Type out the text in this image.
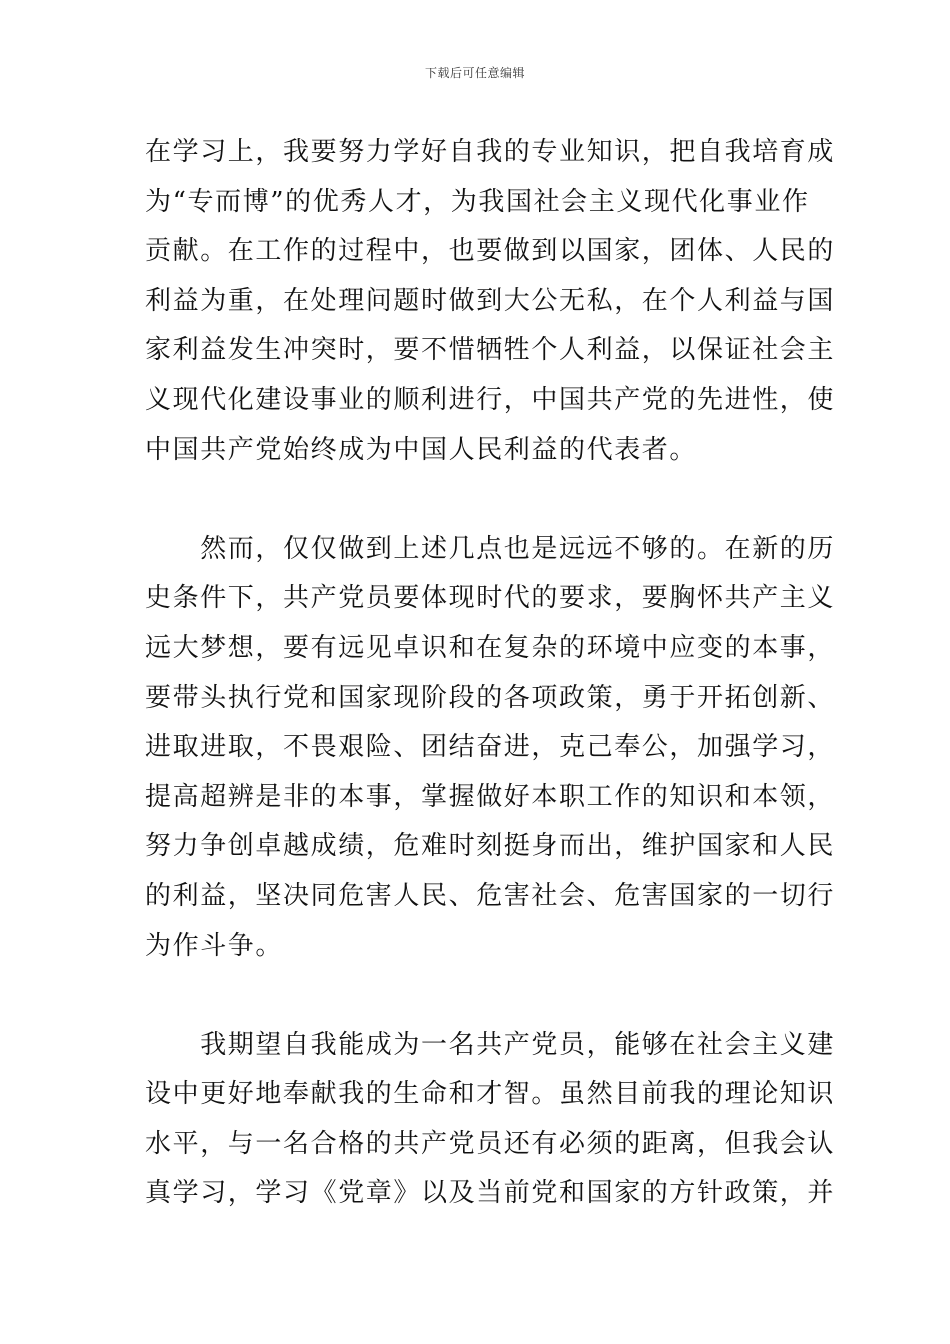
下载后可任意编辑
在学习上，我要努力学好自我的专业知识，把自我培育成
为“专而博”的优秀人才，为我国社会主义现代化事业作
贡献。在工作的过程中，也要做到以国家，团体、人民的
利益为重，在处理问题时做到大公无私，在个人利益与国
家利益发生冲突时，要不惜牺牲个人利益，以保证社会主
义现代化建设事业的顺利进行，中国共产党的先进性，使
中国共产党始终成为中国人民利益的代表者。
　　然而，仅仅做到上述几点也是远远不够的。在新的历
史条件下，共产党员要体现时代的要求，要胸怀共产主义
远大梦想，要有远见卓识和在复杂的环境中应变的本事，
要带头执行党和国家现阶段的各项政策，勇于开拓创新、
进取进取，不畏艰险、团结奋进，克己奉公，加强学习，
提高超辨是非的本事，掌握做好本职工作的知识和本领，
努力争创卓越成绩，危难时刻挺身而出，维护国家和人民
的利益，坚决同危害人民、危害社会、危害国家的一切行
为作斗争。
　　我期望自我能成为一名共产党员，能够在社会主义建
设中更好地奉献我的生命和才智。虽然目前我的理论知识
水平，与一名合格的共产党员还有必须的距离，但我会认
真学习，学习《党章》以及当前党和国家的方针政策，并
